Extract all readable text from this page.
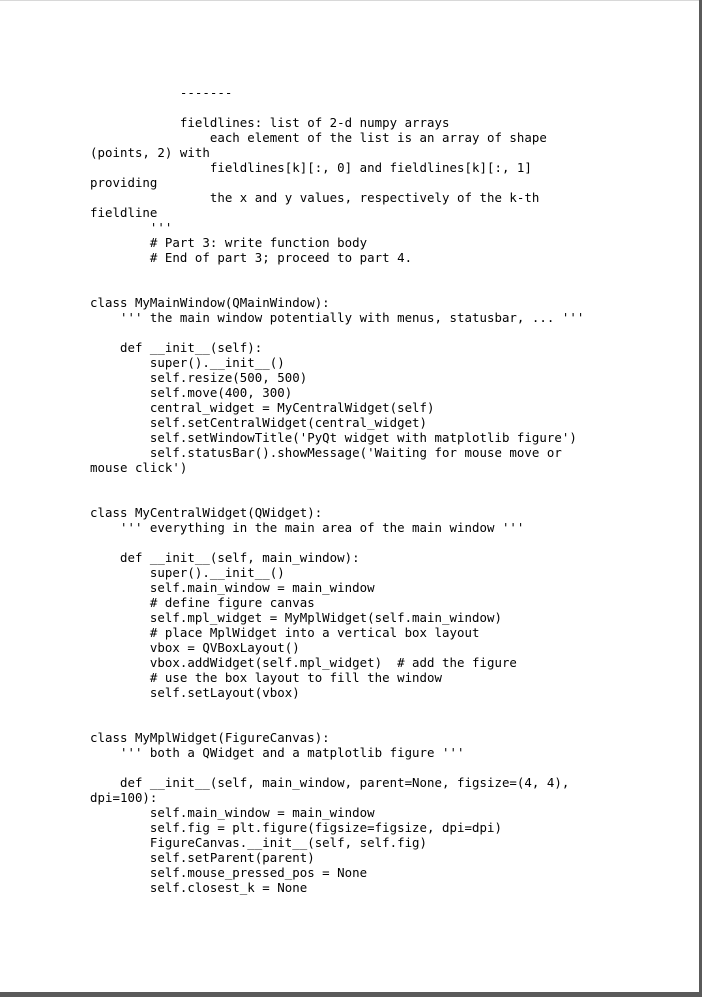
-------
fieldlines: list of 2-d numpy arrays
each element of the list is an array of shape
(points, 2) with
fieldlines[k][:, 0] and fieldlines[k][:, 1]
providing
the x and y values, respectively of the k-th
fieldline
'''
# Part 3: write function body
# End of part 3; proceed to part 4.
class MyMainWindow(QMainWindow):
''' the main window potentially with menus, statusbar, ... '''
def __init__(self):
super().__init__()
self.resize(500, 500)
self.move(400, 300)
central_widget = MyCentralWidget(self)
self.setCentralWidget(central_widget)
self.setWindowTitle('PyQt widget with matplotlib figure')
self.statusBar().showMessage('Waiting for mouse move or
mouse click')
class MyCentralWidget(QWidget):
''' everything in the main area of the main window '''
def __init__(self, main_window):
super().__init__()
self.main_window = main_window
# define figure canvas
self.mpl_widget = MyMplWidget(self.main_window)
# place MplWidget into a vertical box layout
vbox = QVBoxLayout()
vbox.addWidget(self.mpl_widget)  # add the figure
# use the box layout to fill the window
self.setLayout(vbox)
class MyMplWidget(FigureCanvas):
''' both a QWidget and a matplotlib figure '''
def __init__(self, main_window, parent=None, figsize=(4, 4),
dpi=100):
self.main_window = main_window
self.fig = plt.figure(figsize=figsize, dpi=dpi)
FigureCanvas.__init__(self, self.fig)
self.setParent(parent)
self.mouse_pressed_pos = None
self.closest_k = None
